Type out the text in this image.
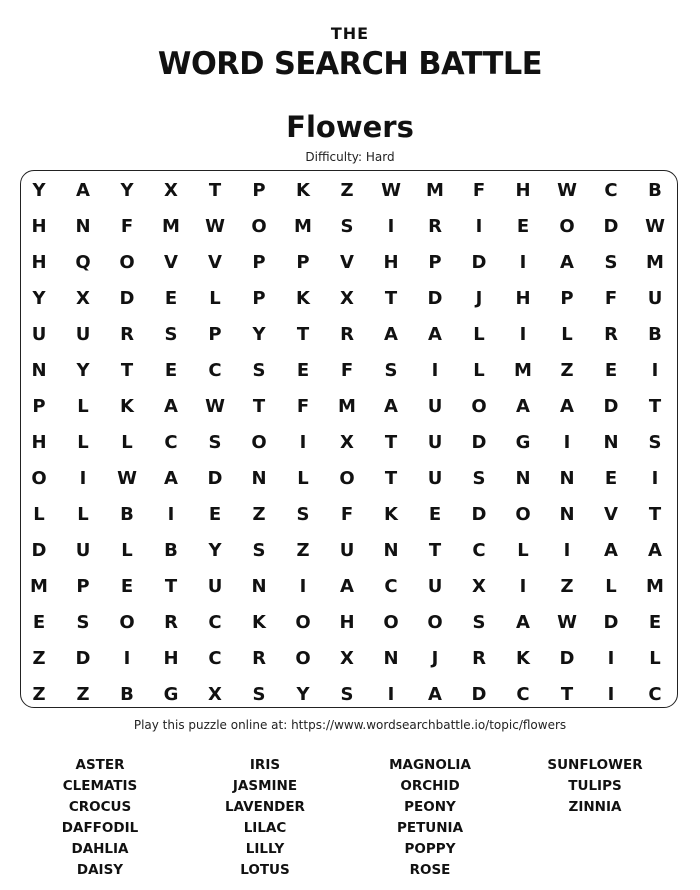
THE
WORD SEARCH BATTLE
Flowers
Difficulty: Hard
Y	A	Y	X	T	P	K	Z	W	M	F	H	W	C	B
H	N	F	M	W	O	M	S	I	R	I	E	O	D	W
H	Q	O	V	V	P	P	V	H	P	D	I	A	S	M
Y	X	D	E	L	P	K	X	T	D	J	H	P	F	U
U	U	R	S	P	Y	T	R	A	A	L	I	L	R	B
N	Y	T	E	C	S	E	F	S	I	L	M	Z	E	I
P	L	K	A	W	T	F	M	A	U	O	A	A	D	T
H	L	L	C	S	O	I	X	T	U	D	G	I	N	S
O	I	W	A	D	N	L	O	T	U	S	N	N	E	I
L	L	B	I	E	Z	S	F	K	E	D	O	N	V	T
D	U	L	B	Y	S	Z	U	N	T	C	L	I	A	A
M	P	E	T	U	N	I	A	C	U	X	I	Z	L	M
E	S	O	R	C	K	O	H	O	O	S	A	W	D	E
Z	D	I	H	C	R	O	X	N	J	R	K	D	I	L
Z	Z	B	G	X	S	Y	S	I	A	D	C	T	I	C
Play this puzzle online at: https://www.wordsearchbattle.io/topic/flowers
ASTER
CLEMATIS
CROCUS
DAFFODIL
DAHLIA
DAISY
IRIS
JASMINE
LAVENDER
LILAC
LILLY
LOTUS
MAGNOLIA
ORCHID
PEONY
PETUNIA
POPPY
ROSE
SUNFLOWER
TULIPS
ZINNIA
